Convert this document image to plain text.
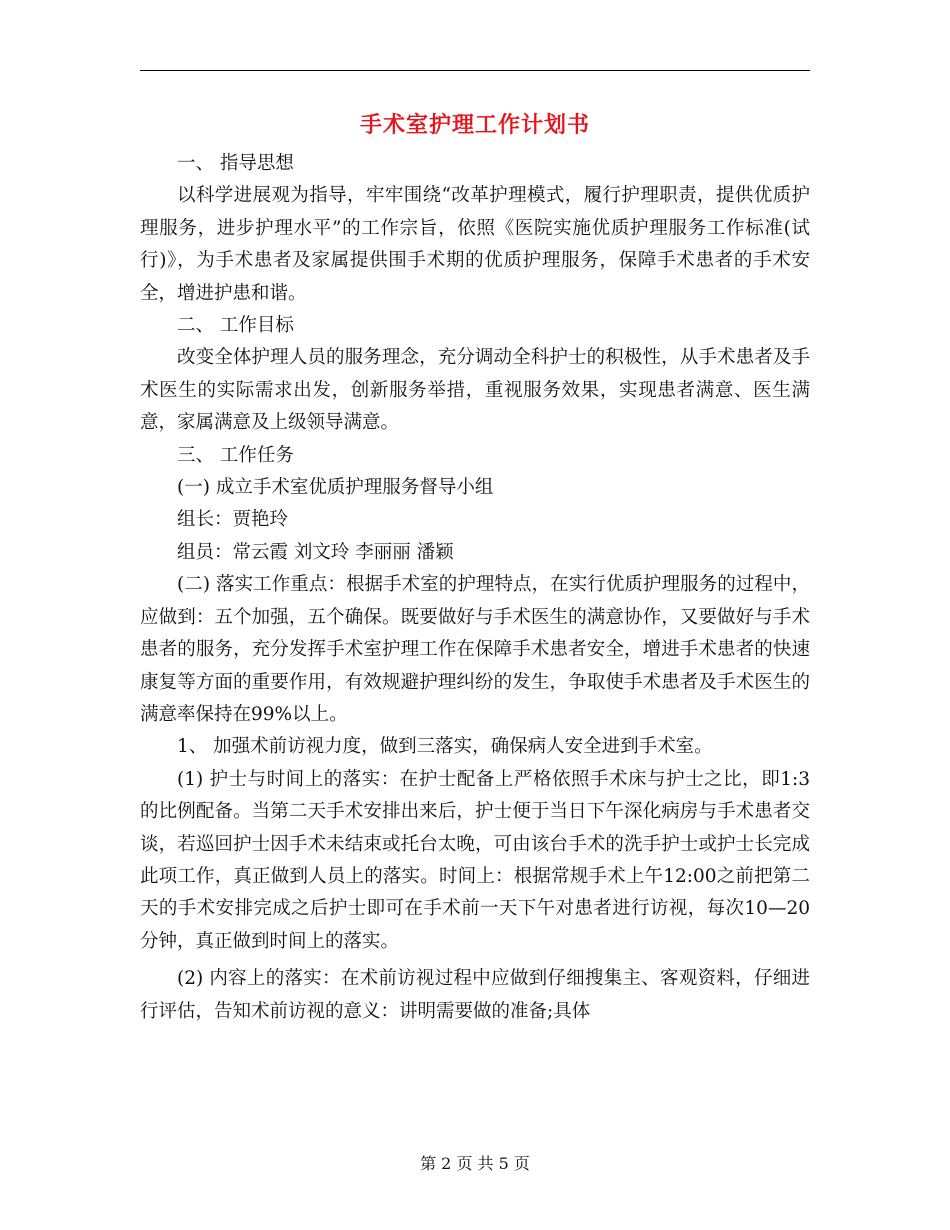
手术室护理工作计划书

一、 指导思想

以科学进展观为指导，牢牢围绕“改革护理模式，履行护理职责，提供优质护理服务，进步护理水平”的工作宗旨，依照《医院实施优质护理服务工作标准(试行)》，为手术患者及家属提供围手术期的优质护理服务，保障手术患者的手术安全，增进护患和谐。

二、 工作目标

改变全体护理人员的服务理念，充分调动全科护士的积极性，从手术患者及手术医生的实际需求出发，创新服务举措，重视服务效果，实现患者满意、医生满意，家属满意及上级领导满意。

三、 工作任务

(一) 成立手术室优质护理服务督导小组

组长：贾艳玲

组员：常云霞 刘文玲 李丽丽 潘颖

(二) 落实工作重点：根据手术室的护理特点，在实行优质护理服务的过程中，应做到：五个加强，五个确保。既要做好与手术医生的满意协作，又要做好与手术患者的服务，充分发挥手术室护理工作在保障手术患者安全，增进手术患者的快速康复等方面的重要作用，有效规避护理纠纷的发生，争取使手术患者及手术医生的满意率保持在99%以上。

1、 加强术前访视力度，做到三落实，确保病人安全进到手术室。

(1) 护士与时间上的落实：在护士配备上严格依照手术床与护士之比，即1:3的比例配备。当第二天手术安排出来后，护士便于当日下午深化病房与手术患者交谈，若巡回护士因手术未结束或托台太晚，可由该台手术的洗手护士或护士长完成此项工作，真正做到人员上的落实。时间上：根据常规手术上午12:00之前把第二天的手术安排完成之后护士即可在手术前一天下午对患者进行访视，每次10—20分钟，真正做到时间上的落实。

(2) 内容上的落实：在术前访视过程中应做到仔细搜集主、客观资料，仔细进行评估，告知术前访视的意义：讲明需要做的准备;具体

第 2 页 共 5 页
